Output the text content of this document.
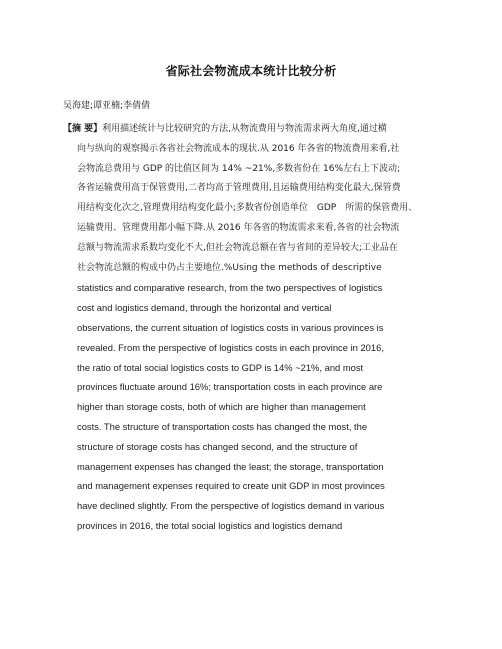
省际社会物流成本统计比较分析
吴海建;谭亚楠;李倩倩
【摘 要】利用描述统计与比较研究的方法,从物流费用与物流需求两大角度,通过横
向与纵向的观察揭示各省社会物流成本的现状.从 2016 年各省的物流费用来看,社
会物流总费用与 GDP 的比值区间为 14% ~21%,多数省份在 16%左右上下波动;
各省运输费用高于保管费用,二者均高于管理费用,且运输费用结构变化最大,保管费
用结构变化次之,管理费用结构变化最小;多数省份创造单位　GDP　所需的保管费用、
运输费用、管理费用都小幅下降.从 2016 年各省的物流需求来看,各省的社会物流
总额与物流需求系数均变化不大,但社会物流总额在省与省间的差异较大;工业品在
社会物流总额的构成中仍占主要地位.%Using the methods of descriptive
statistics and comparative research, from the two perspectives of logistics
cost and logistics demand, through the horizontal and vertical
observations, the current situation of logistics costs in various provinces is
revealed. From the perspective of logistics costs in each province in 2016,
the ratio of total social logistics costs to GDP is 14% ~21%, and most
provinces fluctuate around 16%; transportation costs in each province are
higher than storage costs, both of which are higher than management
costs. The structure of transportation costs has changed the most, the
structure of storage costs has changed second, and the structure of
management expenses has changed the least; the storage, transportation
and management expenses required to create unit GDP in most provinces
have declined slightly. From the perspective of logistics demand in various
provinces in 2016, the total social logistics and logistics demand
